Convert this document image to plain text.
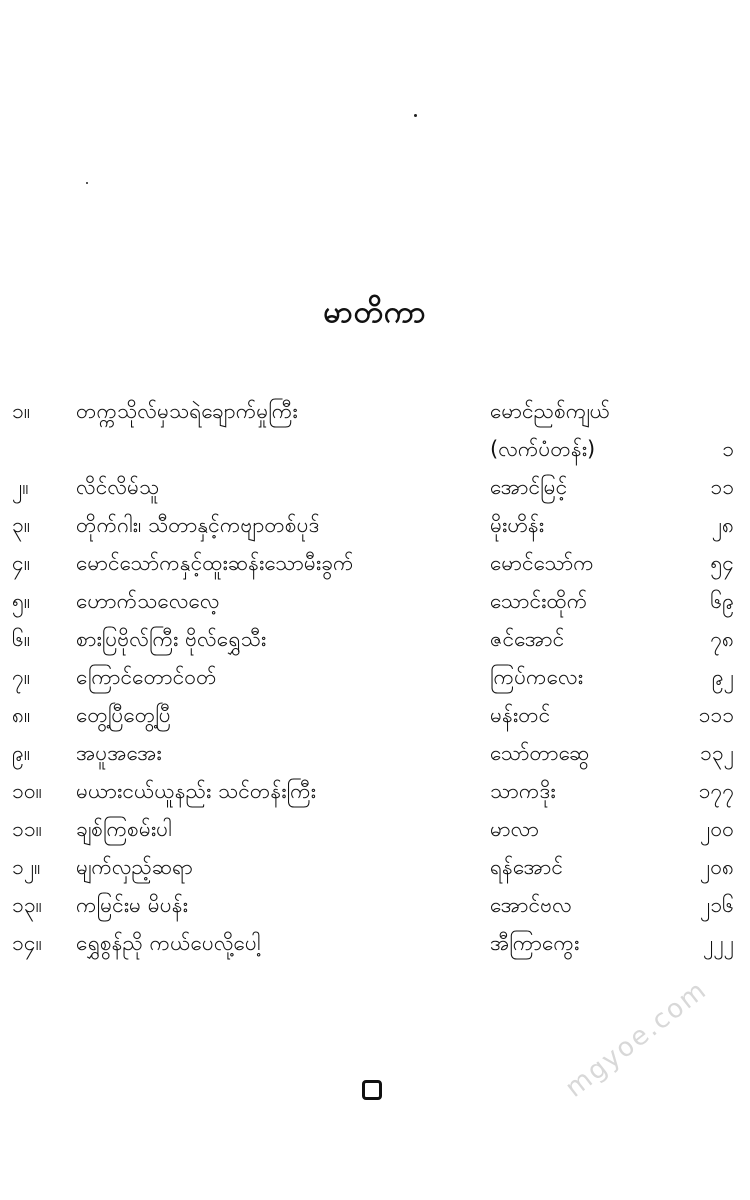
မာတိကာ
၁။	တက္ကသိုလ်မှသရဲချောက်မှုကြီး	မောင်ညစ်ကျယ်
(လက်ပံတန်း)	၁
၂။	လိင်လိမ်သူ	အောင်မြင့်	၁၁
၃။	တိုက်ဂါး၊ သီတာနှင့်ကဗျာတစ်ပုဒ်	မိုးဟိန်း	၂၈
၄။	မောင်သော်ကနှင့်ထူးဆန်းသောမီးခွက်	မောင်သော်က	၅၄
၅။	ဟောက်သလေလေ့	သောင်းထိုက်	၆၉
၆။	စားပြဗိုလ်ကြီး ဗိုလ်ရွှေသီး	ဇင်အောင်	၇၈
၇။	ကြောင်တောင်ဝတ်	ကြပ်ကလေး	၉၂
၈။	တွေ့ပြီတွေ့ပြီ	မန်းတင်	၁၁၁
၉။	အပူအအေး	သော်တာဆွေ	၁၃၂
၁၀။	မယားငယ်ယူနည်း သင်တန်းကြီး	သာကဒိုး	၁၇၇
၁၁။	ချစ်ကြစမ်းပါ	မာလာ	၂၀၀
၁၂။	မျက်လှည့်ဆရာ	ရန်အောင်	၂၀၈
၁၃။	ကမြင်းမ မိပန်း	အောင်ဗလ	၂၁၆
၁၄။	ရွှေစွန်ညို ကယ်ပေလို့ပေါ့	အီကြာကွေး	၂၂၂
mgyoe.com
